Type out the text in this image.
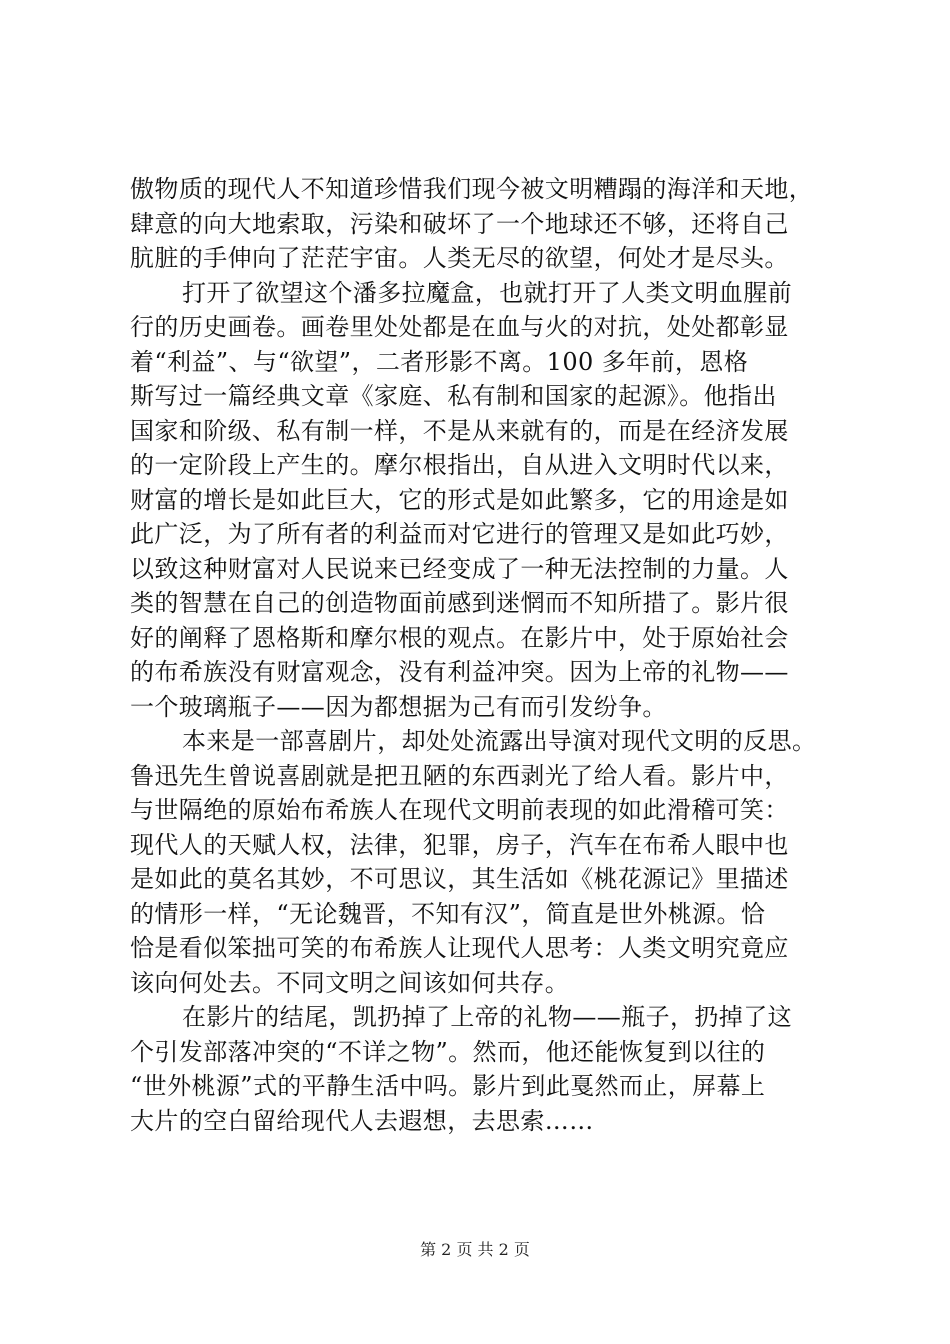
傲物质的现代人不知道珍惜我们现今被文明糟蹋的海洋和天地，
肆意的向大地索取，污染和破坏了一个地球还不够，还将自己
肮脏的手伸向了茫茫宇宙。人类无尽的欲望，何处才是尽头。
打开了欲望这个潘多拉魔盒，也就打开了人类文明血腥前
行的历史画卷。画卷里处处都是在血与火的对抗，处处都彰显
着“利益”、与“欲望”，二者形影不离。100 多年前，恩格
斯写过一篇经典文章《家庭、私有制和国家的起源》。他指出
国家和阶级、私有制一样，不是从来就有的，而是在经济发展
的一定阶段上产生的。摩尔根指出，自从进入文明时代以来，
财富的增长是如此巨大，它的形式是如此繁多，它的用途是如
此广泛，为了所有者的利益而对它进行的管理又是如此巧妙，
以致这种财富对人民说来已经变成了一种无法控制的力量。人
类的智慧在自己的创造物面前感到迷惘而不知所措了。影片很
好的阐释了恩格斯和摩尔根的观点。在影片中，处于原始社会
的布希族没有财富观念，没有利益冲突。因为上帝的礼物——
一个玻璃瓶子——因为都想据为己有而引发纷争。
本来是一部喜剧片，却处处流露出导演对现代文明的反思。
鲁迅先生曾说喜剧就是把丑陋的东西剥光了给人看。影片中，
与世隔绝的原始布希族人在现代文明前表现的如此滑稽可笑：
现代人的天赋人权，法律，犯罪，房子，汽车在布希人眼中也
是如此的莫名其妙，不可思议，其生活如《桃花源记》里描述
的情形一样，“无论魏晋，不知有汉”，简直是世外桃源。恰
恰是看似笨拙可笑的布希族人让现代人思考：人类文明究竟应
该向何处去。不同文明之间该如何共存。
在影片的结尾，凯扔掉了上帝的礼物——瓶子，扔掉了这
个引发部落冲突的“不详之物”。然而，他还能恢复到以往的
“世外桃源”式的平静生活中吗。影片到此戛然而止，屏幕上
大片的空白留给现代人去遐想，去思索……
第 2 页 共 2 页
